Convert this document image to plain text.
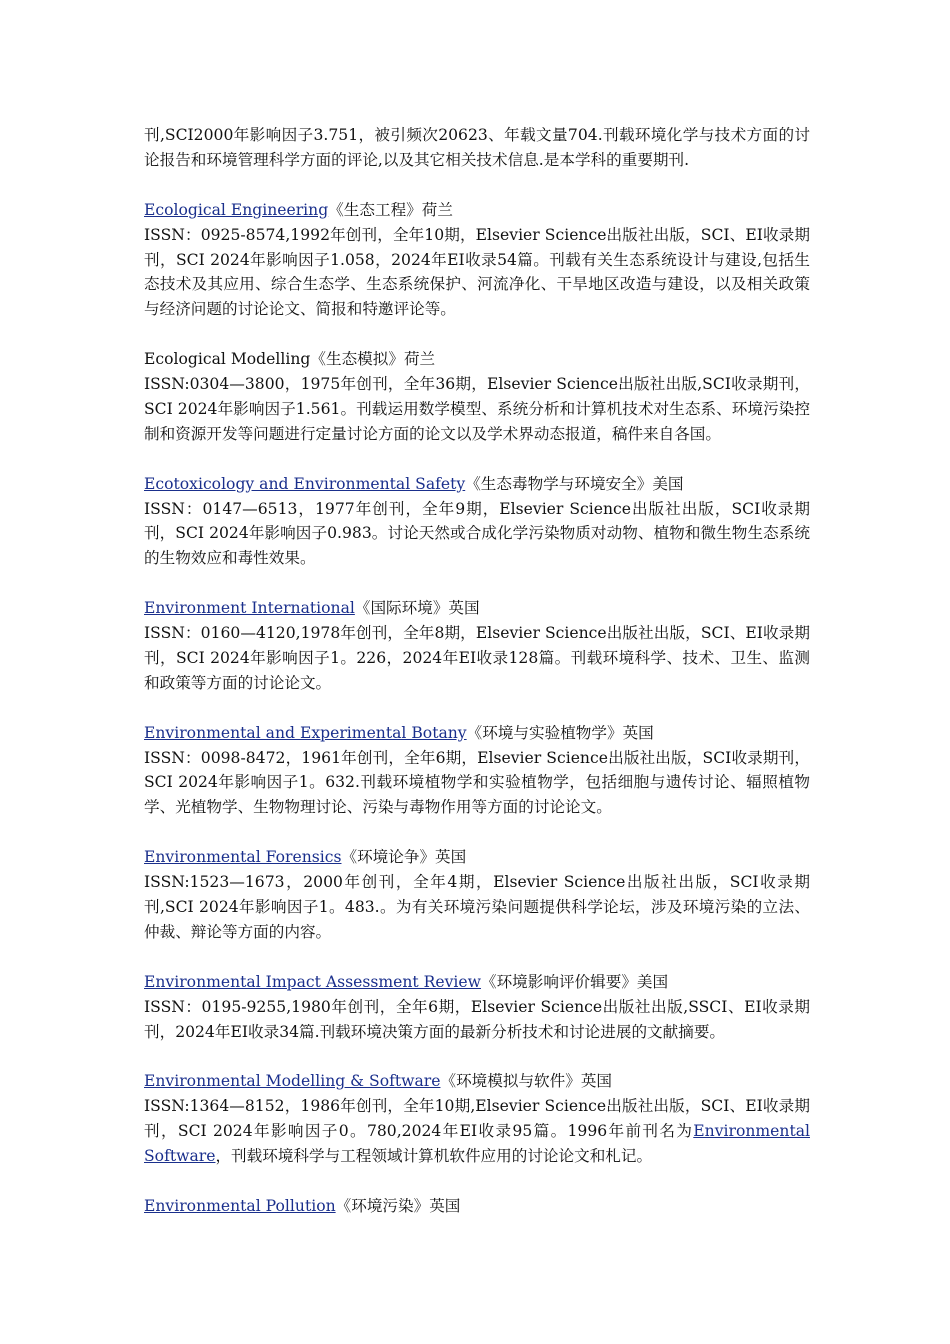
刊,SCI2000年影响因子3.751，被引频次20623、年载文量704.刊载环境化学与技术方面的讨论报告和环境管理科学方面的评论,以及其它相关技术信息.是本学科的重要期刊.

Ecological Engineering《生态工程》荷兰
ISSN：0925-8574,1992年创刊，全年10期，Elsevier Science出版社出版，SCI、EI收录期刊，SCI 2024年影响因子1.058，2024年EI收录54篇。刊载有关生态系统设计与建设,包括生态技术及其应用、综合生态学、生态系统保护、河流净化、干旱地区改造与建设，以及相关政策与经济问题的讨论论文、简报和特邀评论等。
Ecological Modelling《生态模拟》荷兰
ISSN:0304—3800，1975年创刊，全年36期，Elsevier Science出版社出版,SCI收录期刊，SCI 2024年影响因子1.561。刊载运用数学模型、系统分析和计算机技术对生态系、环境污染控制和资源开发等问题进行定量讨论方面的论文以及学术界动态报道，稿件来自各国。
Ecotoxicology and Environmental Safety《生态毒物学与环境安全》美国
ISSN：0147—6513，1977年创刊，全年9期，Elsevier Science出版社出版，SCI收录期刊，SCI 2024年影响因子0.983。讨论天然或合成化学污染物质对动物、植物和微生物生态系统的生物效应和毒性效果。
Environment International《国际环境》英国
ISSN：0160—4120,1978年创刊，全年8期，Elsevier Science出版社出版，SCI、EI收录期刊，SCI 2024年影响因子1。226，2024年EI收录128篇。刊载环境科学、技术、卫生、监测和政策等方面的讨论论文。
Environmental and Experimental Botany《环境与实验植物学》英国
ISSN：0098-8472，1961年创刊，全年6期，Elsevier Science出版社出版，SCI收录期刊，SCI 2024年影响因子1。632.刊载环境植物学和实验植物学，包括细胞与遗传讨论、辐照植物学、光植物学、生物物理讨论、污染与毒物作用等方面的讨论论文。
Environmental Forensics《环境论争》英国
ISSN:1523—1673，2000年创刊，全年4期，Elsevier Science出版社出版，SCI收录期刊,SCI 2024年影响因子1。483.。为有关环境污染问题提供科学论坛，涉及环境污染的立法、仲裁、辩论等方面的内容。
Environmental Impact Assessment Review《环境影响评价辑要》美国
ISSN：0195-9255,1980年创刊，全年6期，Elsevier Science出版社出版,SSCI、EI收录期刊，2024年EI收录34篇.刊载环境决策方面的最新分析技术和讨论进展的文献摘要。
Environmental Modelling & Software《环境模拟与软件》英国
ISSN:1364—8152，1986年创刊，全年10期,Elsevier Science出版社出版，SCI、EI收录期刊，SCI 2024年影响因子0。780,2024年EI收录95篇。1996年前刊名为Environmental Software，刊载环境科学与工程领域计算机软件应用的讨论论文和札记。
Environmental Pollution《环境污染》英国
